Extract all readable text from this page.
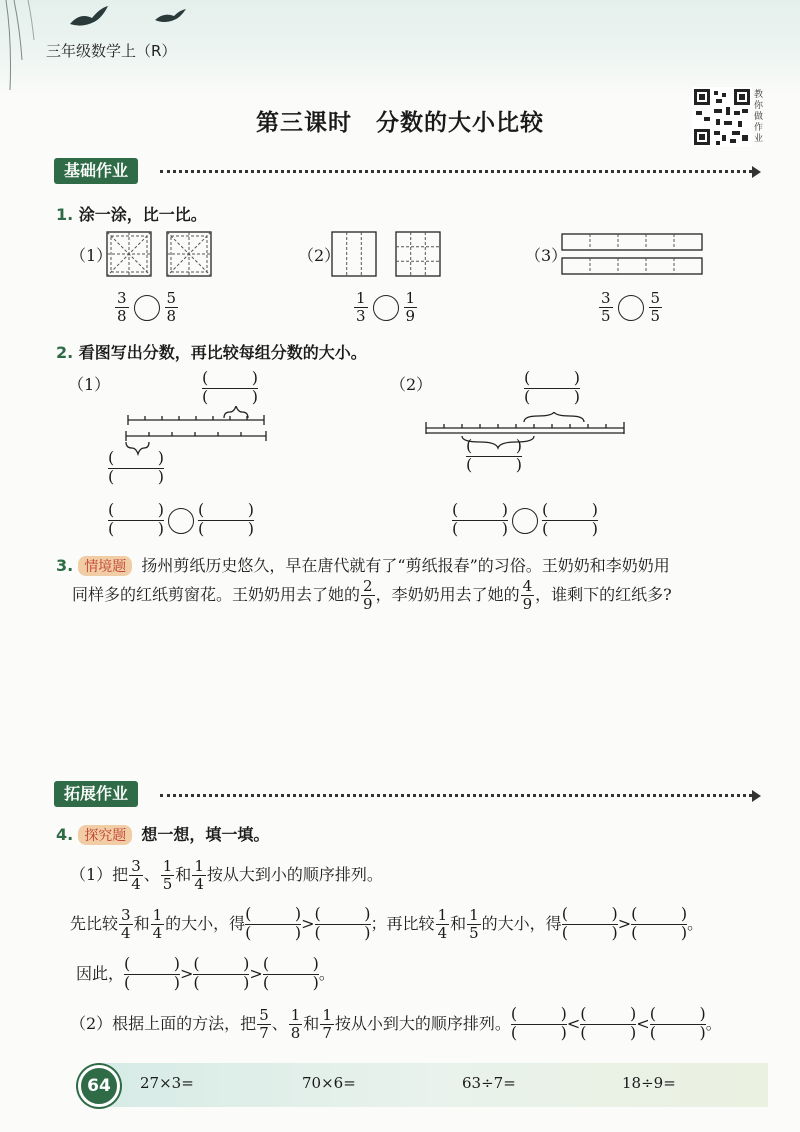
三年级数学上（R）
第三课时　分数的大小比较
教你做作业
基础作业
1. 涂一涂，比一比。
（1）
$\frac{3}{8} \frac{5}{8}$
（2）
$\frac{1}{3} \frac{1}{9}$
（3）
$\frac{3}{5} \frac{5}{5}$
2. 看图写出分数，再比较每组分数的大小。
（1）	（2）
( )
( )
( )
( )
( )
( )
( )
( )
( )
( )
( )
( )
( )
( )
( )
( )
3. 情境题 扬州剪纸历史悠久，早在唐代就有了“剪纸报春”的习俗。王奶奶和李奶奶用
同样多的红纸剪窗花。王奶奶用去了她的 $\frac{2}{9}$ ，李奶奶用去了她的 $\frac{4}{9}$ ，谁剩下的红纸多?
拓展作业
4. 探究题 想一想，填一填。
（1）把 $\frac{3}{4}$ 、 $\frac{1}{5}$ 和 $\frac{1}{4}$ 按从大到小的顺序排列。
先比较 $\frac{3}{4}$ 和 $\frac{1}{4}$ 的大小，得 ( )
( )	> ( )
( )	；再比较 $\frac{1}{4}$ 和 $\frac{1}{5}$ 的大小，得 ( )
( )	> ( )
( )	。
因此， ( )
( )	> ( )
( )	> ( )
( )	。
（2）根据上面的方法，把 $\frac{5}{7}$ 、 $\frac{1}{8}$ 和 $\frac{1}{7}$ 按从小到大的顺序排列。 ( )
( )	< ( )
( )	< ( )
( )	。
64	27×3=	70×6=	63÷7=	18÷9=
